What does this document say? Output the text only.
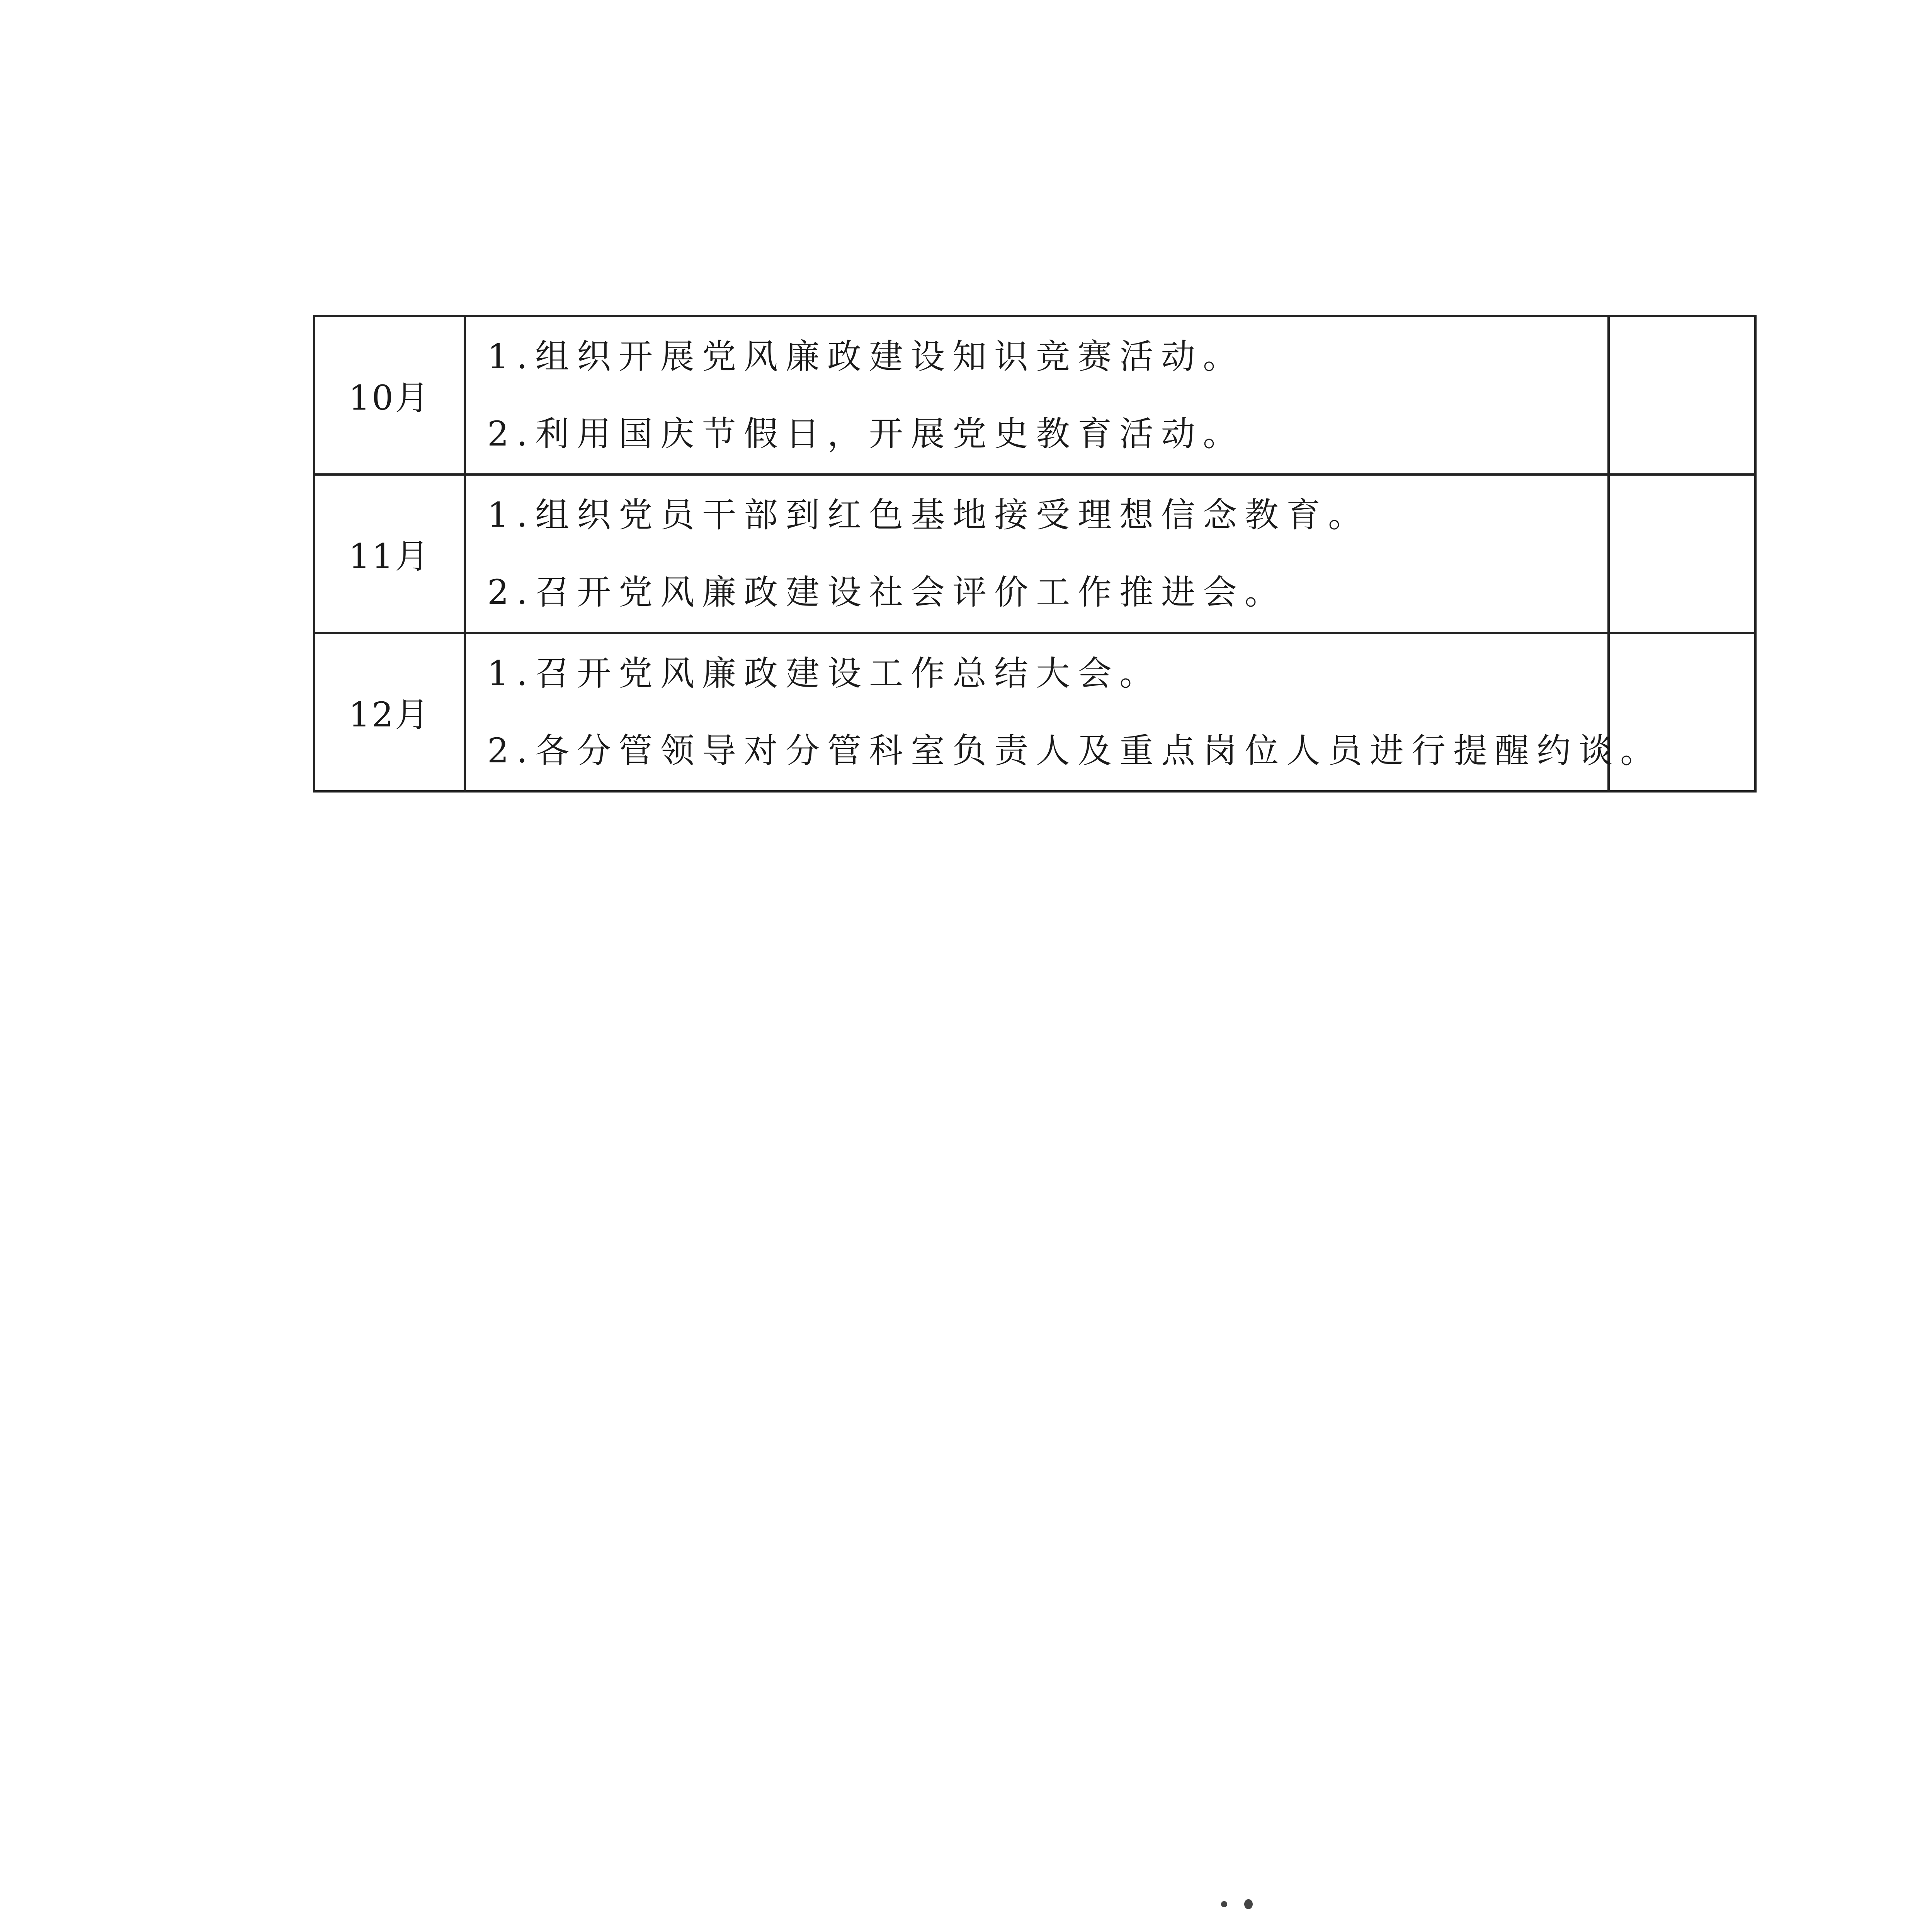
10月	1.组织开展党风廉政建设知识竞赛活动。
2.利用国庆节假日，开展党史教育活动。	

11月	1.组织党员干部到红色基地接受理想信念教育。
2.召开党风廉政建设社会评价工作推进会。	

12月	1.召开党风廉政建设工作总结大会。
2.各分管领导对分管科室负责人及重点岗位人员进行提醒约谈。	
